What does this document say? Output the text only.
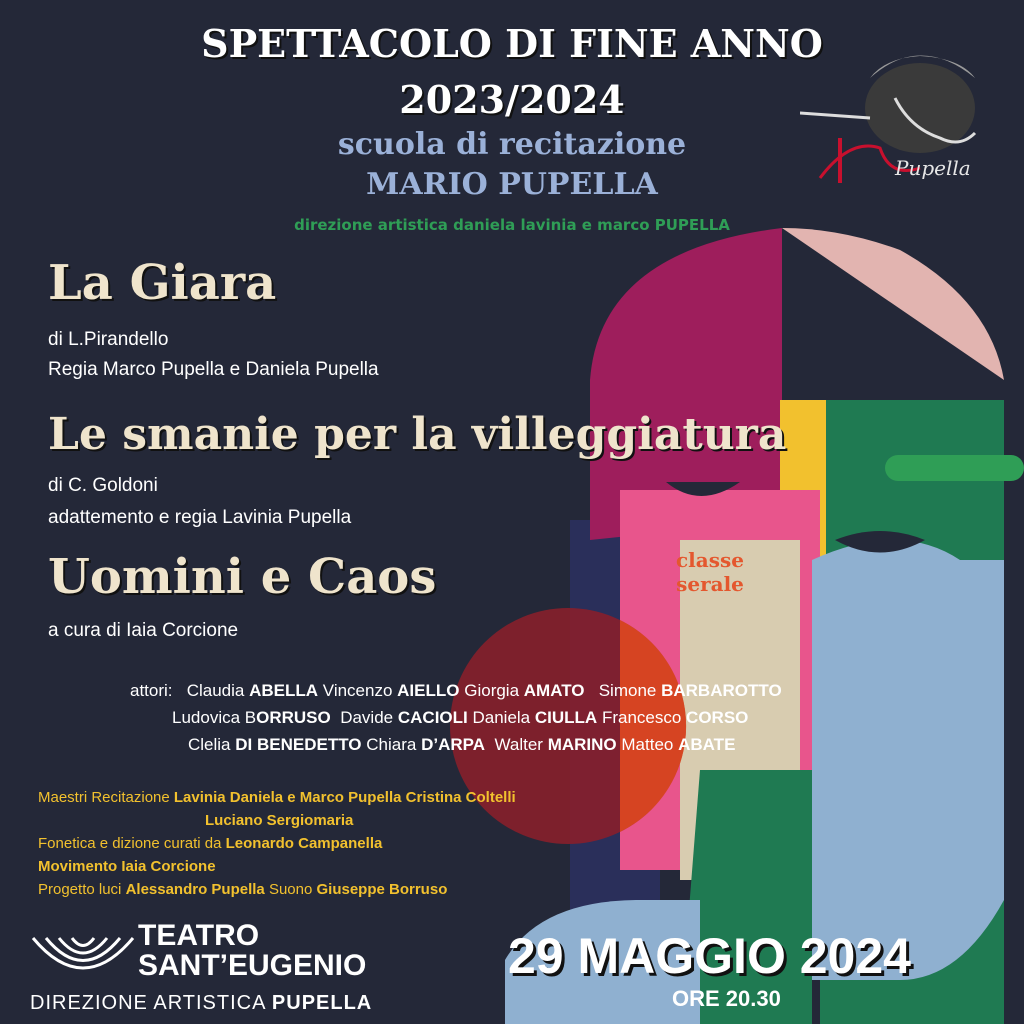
Pupella
SPETTACOLO DI FINE ANNO
2023/2024
scuola di recitazione
MARIO PUPELLA
direzione artistica daniela lavinia e marco PUPELLA
La Giara
di L.Pirandello
Regia Marco Pupella e Daniela Pupella
Le smanie per la villeggiatura
di C. Goldoni
adattemento e regia Lavinia Pupella
Uomini e Caos
a cura di Iaia Corcione
classe
serale
attori: Claudia ABELLA Vincenzo AIELLO Giorgia AMATO Simone BARBAROTTO
Ludovica BORRUSO Davide CACIOLI Daniela CIULLA Francesco CORSO
Clelia DI BENEDETTO Chiara D’ARPA Walter MARINO Matteo ABATE
Maestri Recitazione Lavinia Daniela e Marco Pupella Cristina Coltelli
Luciano Sergiomaria
Fonetica e dizione curati da Leonardo Campanella
Movimento Iaia Corcione
Progetto luci Alessandro Pupella Suono Giuseppe Borruso
TEATRO
SANT’EUGENIO
DIREZIONE ARTISTICA PUPELLA
29 MAGGIO 2024
ORE 20.30
